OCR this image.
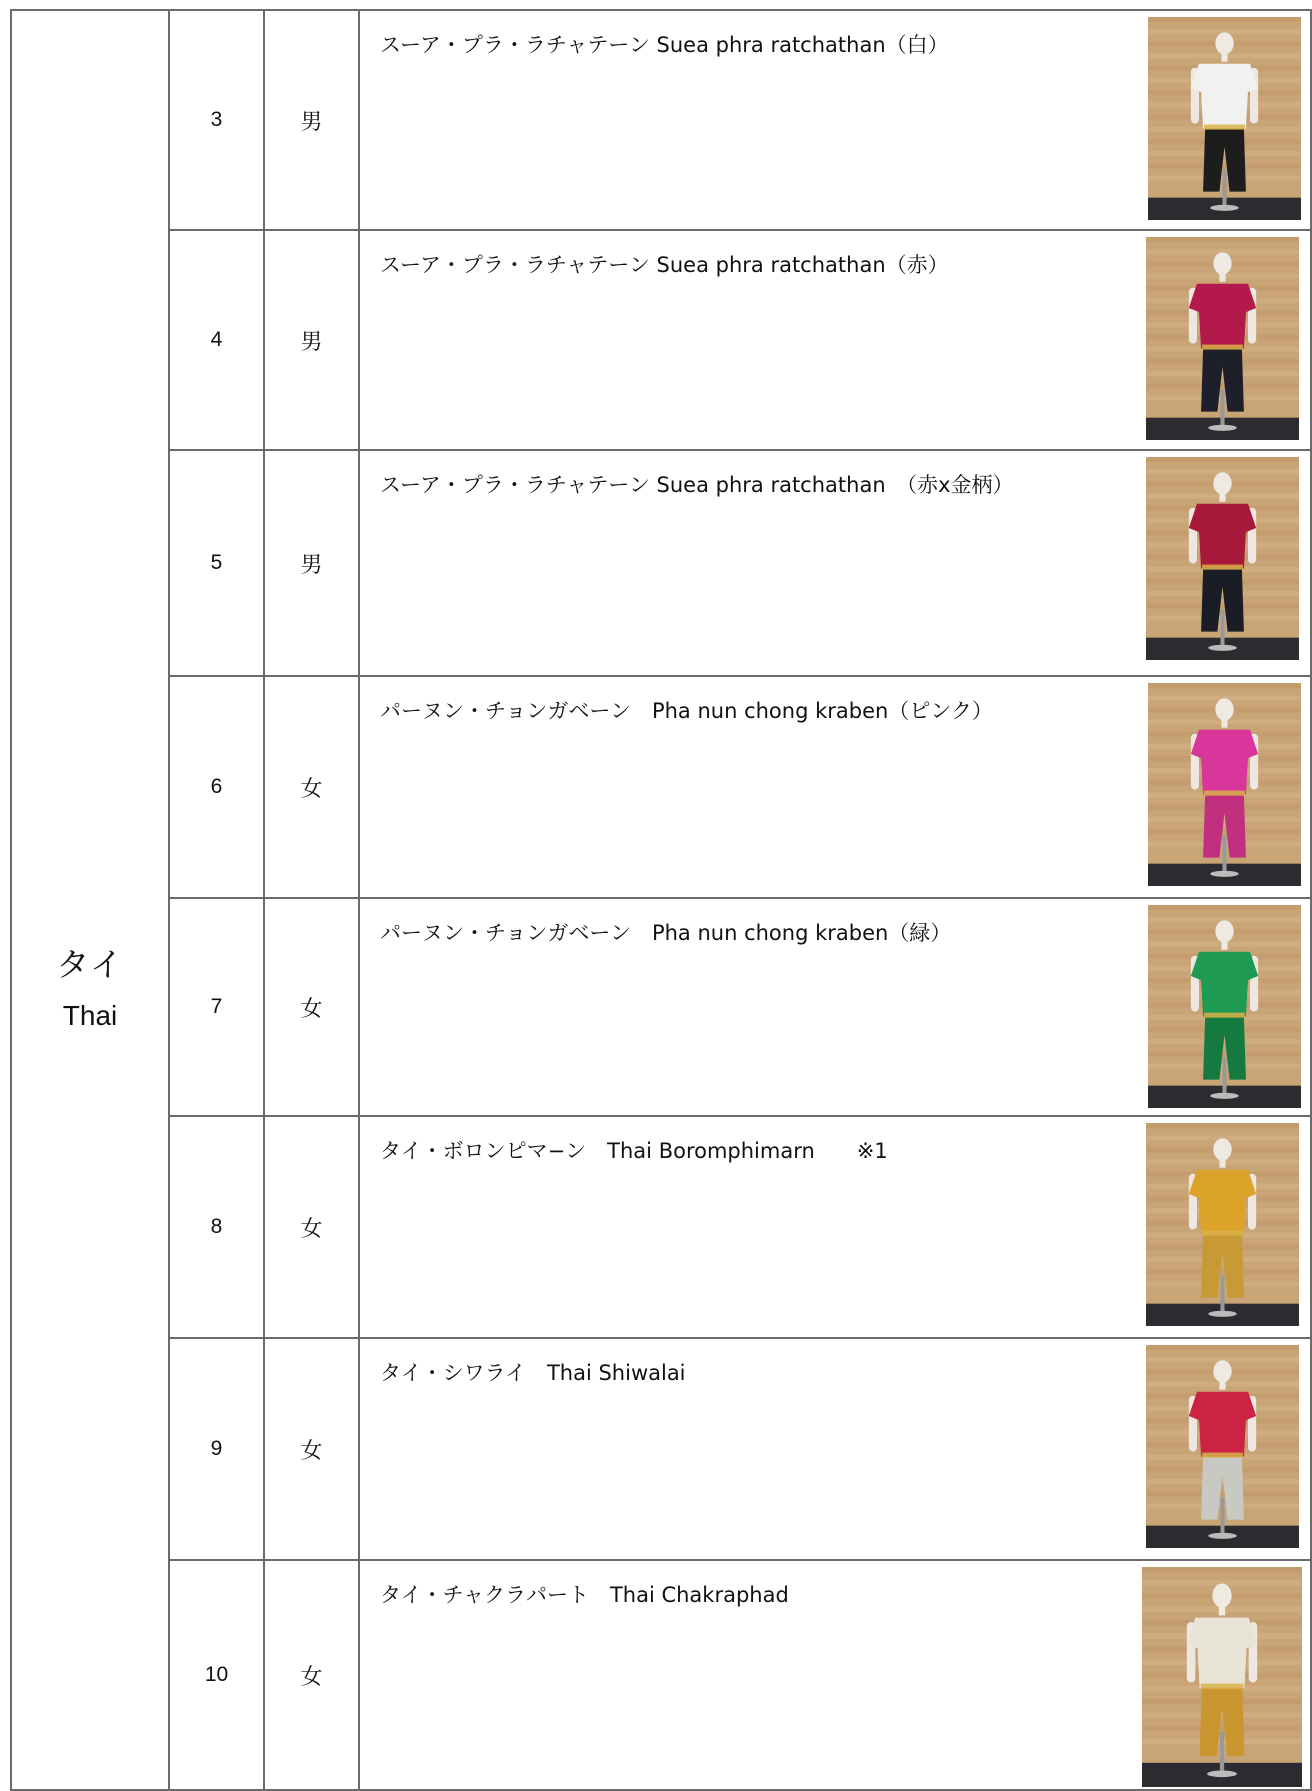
タイ
Thai	3	男	スーア・プラ・ラチャテーン Suea phra ratchathan（白）

	4	男	スーア・プラ・ラチャテーン Suea phra ratchathan（赤）

	5	男	スーア・プラ・ラチャテーン Suea phra ratchathan　（赤x金柄）

	6	女	パーヌン・チョンガベーン　Pha nun chong kraben（ピンク）

	7	女	パーヌン・チョンガベーン　Pha nun chong kraben（緑）

	8	女	タイ・ボロンピマ−ン　Thai Boromphimarn　　※1

	9	女	タイ・シワライ　Thai Shiwalai

	10	女	タイ・チャクラパート　Thai Chakraphad
